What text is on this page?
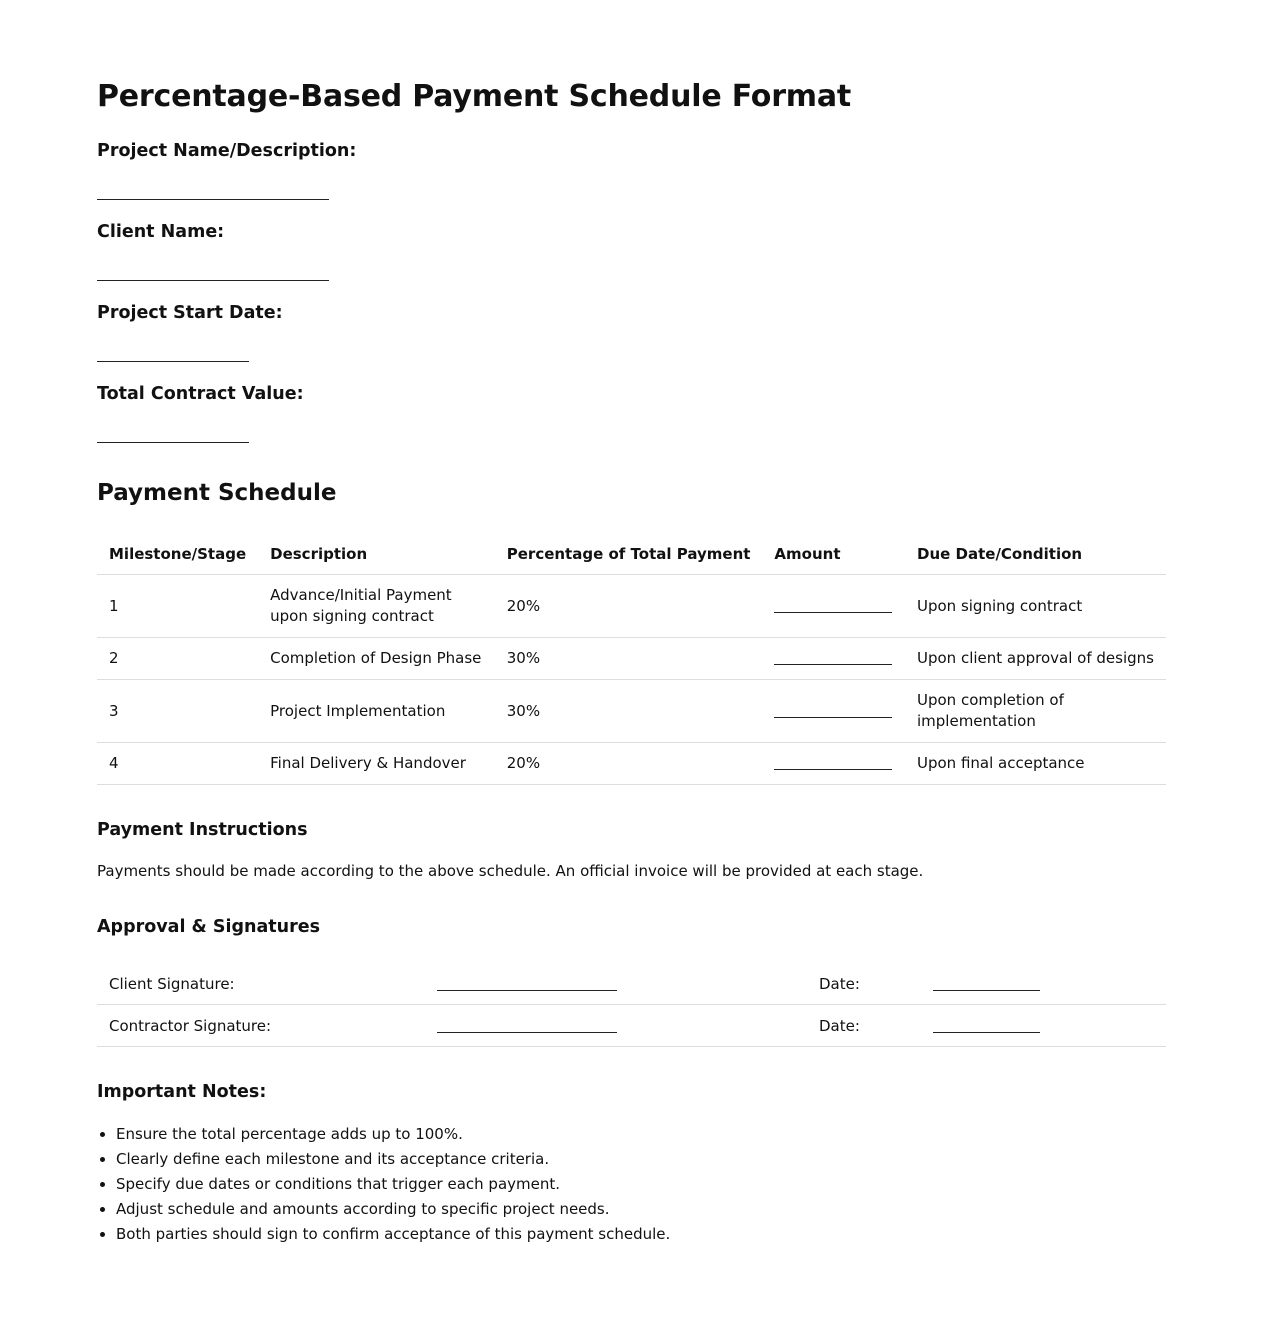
Percentage-Based Payment Schedule Format

Project Name/Description:

Client Name:

Project Start Date:

Total Contract Value:

Payment Schedule
Milestone/Stage	Description	Percentage of Total Payment	Amount	Due Date/Condition
1	Advance/Initial Payment upon signing contract	20%		Upon signing contract
2	Completion of Design Phase	30%		Upon client approval of designs
3	Project Implementation	30%		Upon completion of implementation
4	Final Delivery & Handover	20%		Upon final acceptance
Payment Instructions

Payments should be made according to the above schedule. An official invoice will be provided at each stage.

Approval & Signatures
Client Signature:		Date:	
Contractor Signature:		Date:	
Important Notes:
• Ensure the total percentage adds up to 100%.
• Clearly define each milestone and its acceptance criteria.
• Specify due dates or conditions that trigger each payment.
• Adjust schedule and amounts according to specific project needs.
• Both parties should sign to confirm acceptance of this payment schedule.
